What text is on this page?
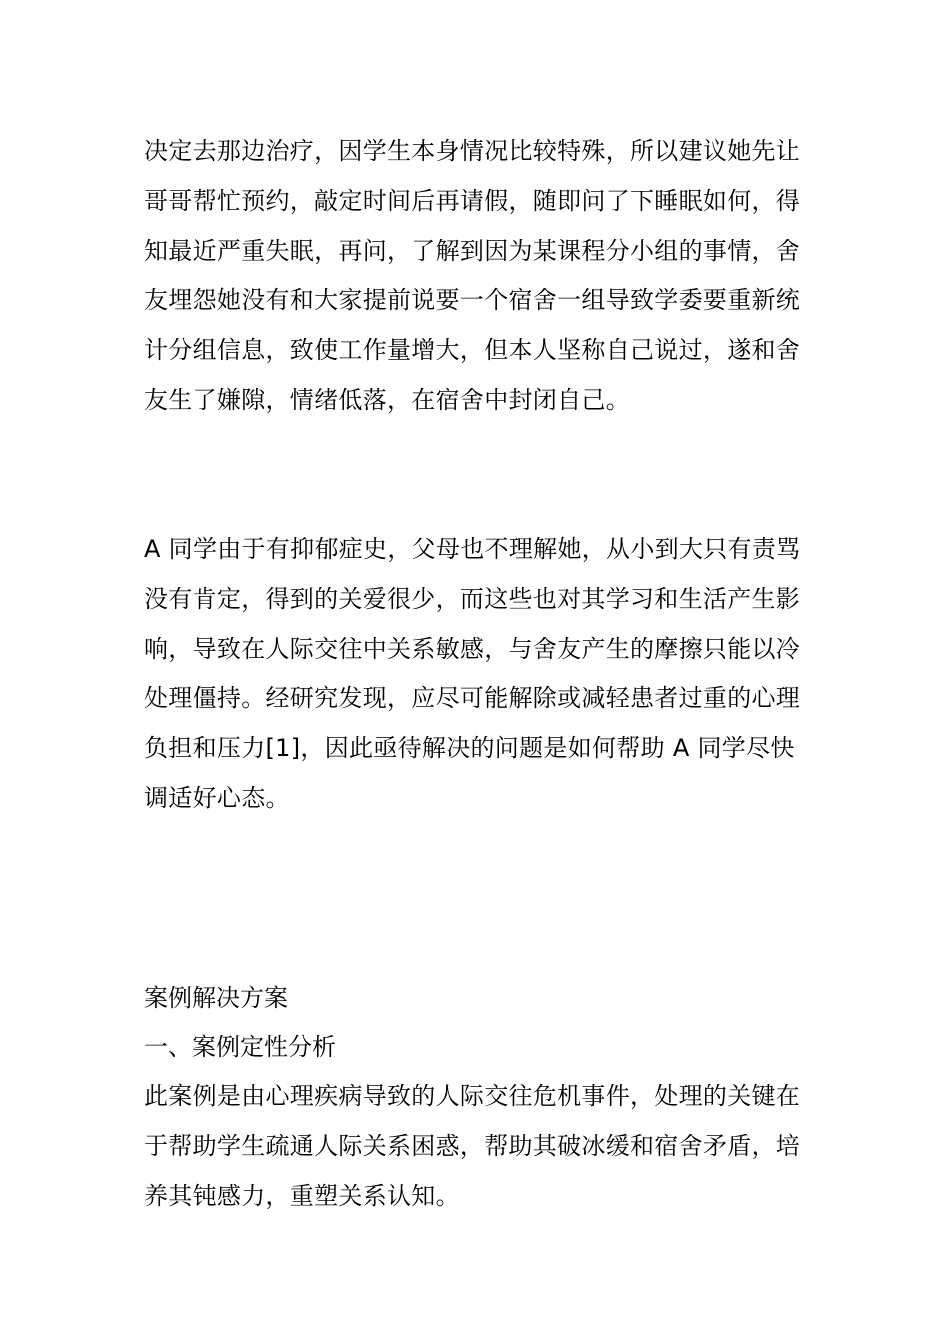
决定去那边治疗，因学生本身情况比较特殊，所以建议她先让哥哥帮忙预约，敲定时间后再请假，随即问了下睡眠如何，得知最近严重失眠，再问，了解到因为某课程分小组的事情，舍友埋怨她没有和大家提前说要一个宿舍一组导致学委要重新统计分组信息，致使工作量增大，但本人坚称自己说过，遂和舍友生了嫌隙，情绪低落，在宿舍中封闭自己。

A 同学由于有抑郁症史，父母也不理解她，从小到大只有责骂没有肯定，得到的关爱很少，而这些也对其学习和生活产生影响，导致在人际交往中关系敏感，与舍友产生的摩擦只能以冷处理僵持。经研究发现，应尽可能解除或减轻患者过重的心理负担和压力[1]，因此亟待解决的问题是如何帮助 A 同学尽快调适好心态。

案例解决方案
一、案例定性分析

此案例是由心理疾病导致的人际交往危机事件，处理的关键在于帮助学生疏通人际关系困惑，帮助其破冰缓和宿舍矛盾，培养其钝感力，重塑关系认知。
